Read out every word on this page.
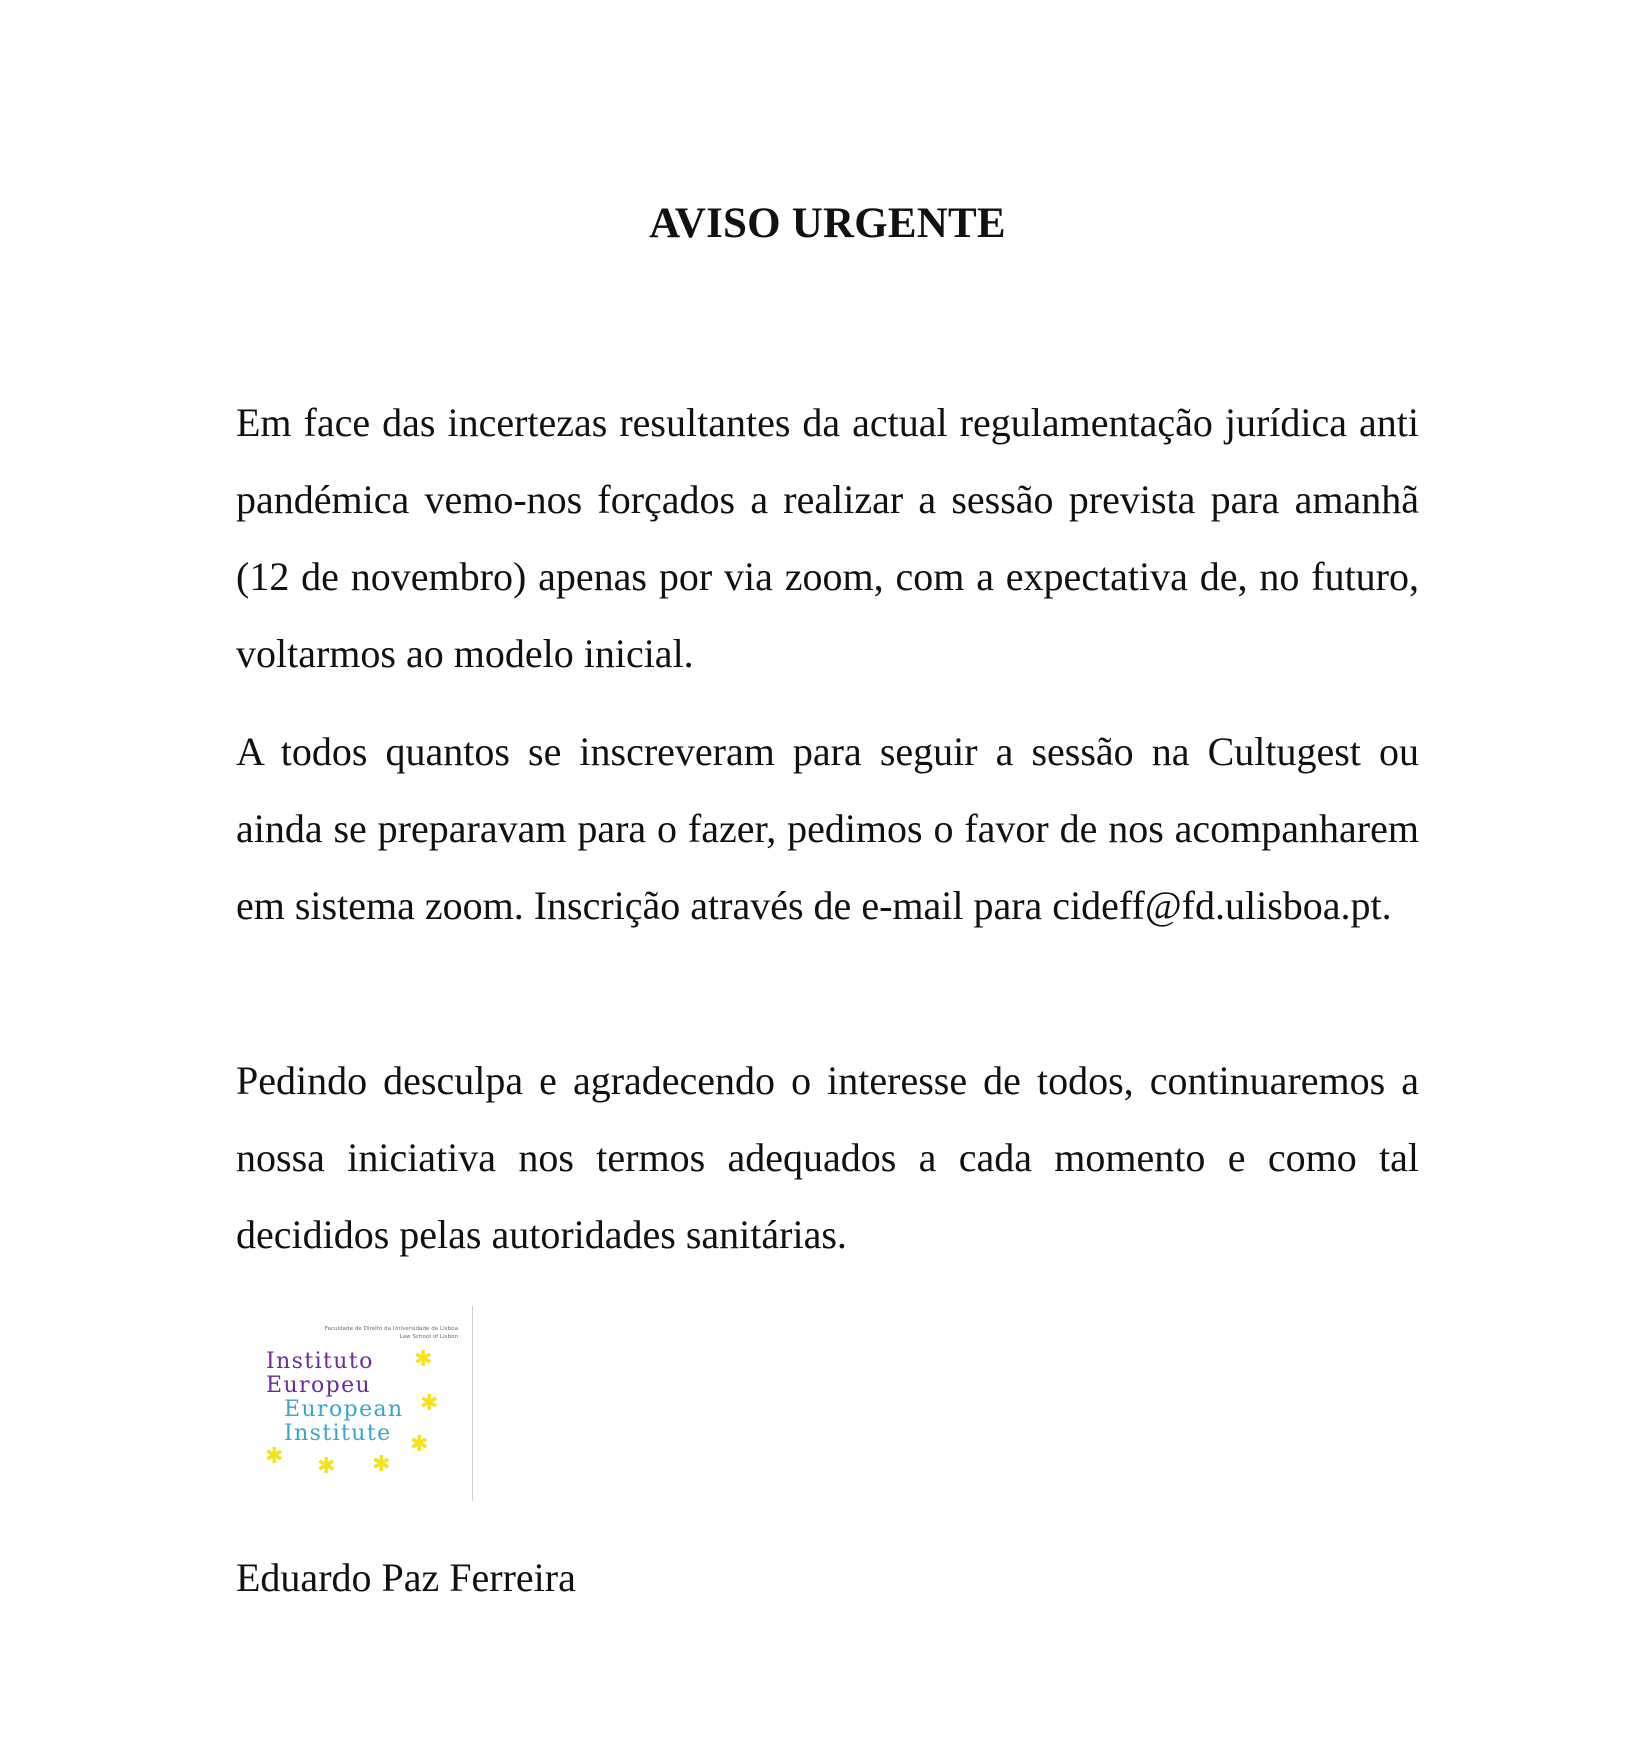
AVISO URGENTE

Em face das incertezas resultantes da actual regulamentação jurídica anti pandémica vemo-nos forçados a realizar a sessão prevista para amanhã (12 de novembro) apenas por via zoom, com a expectativa de, no futuro, voltarmos ao modelo inicial.

A todos quantos se inscreveram para seguir a sessão na Cultugest ou ainda se preparavam para o fazer, pedimos o favor de nos acompanharem em sistema zoom. Inscrição através de e-mail para cideff@fd.ulisboa.pt.

Pedindo desculpa e agradecendo o interesse de todos, continuaremos a nossa iniciativa nos termos adequados a cada momento e como tal decididos pelas autoridades sanitárias.

Faculdade de Direito da Universidade de Lisboa
Law School of Lisbon
Instituto
Europeu
European
Institute
✱
✱
✱
✱ ✱ ✱
Eduardo Paz Ferreira
